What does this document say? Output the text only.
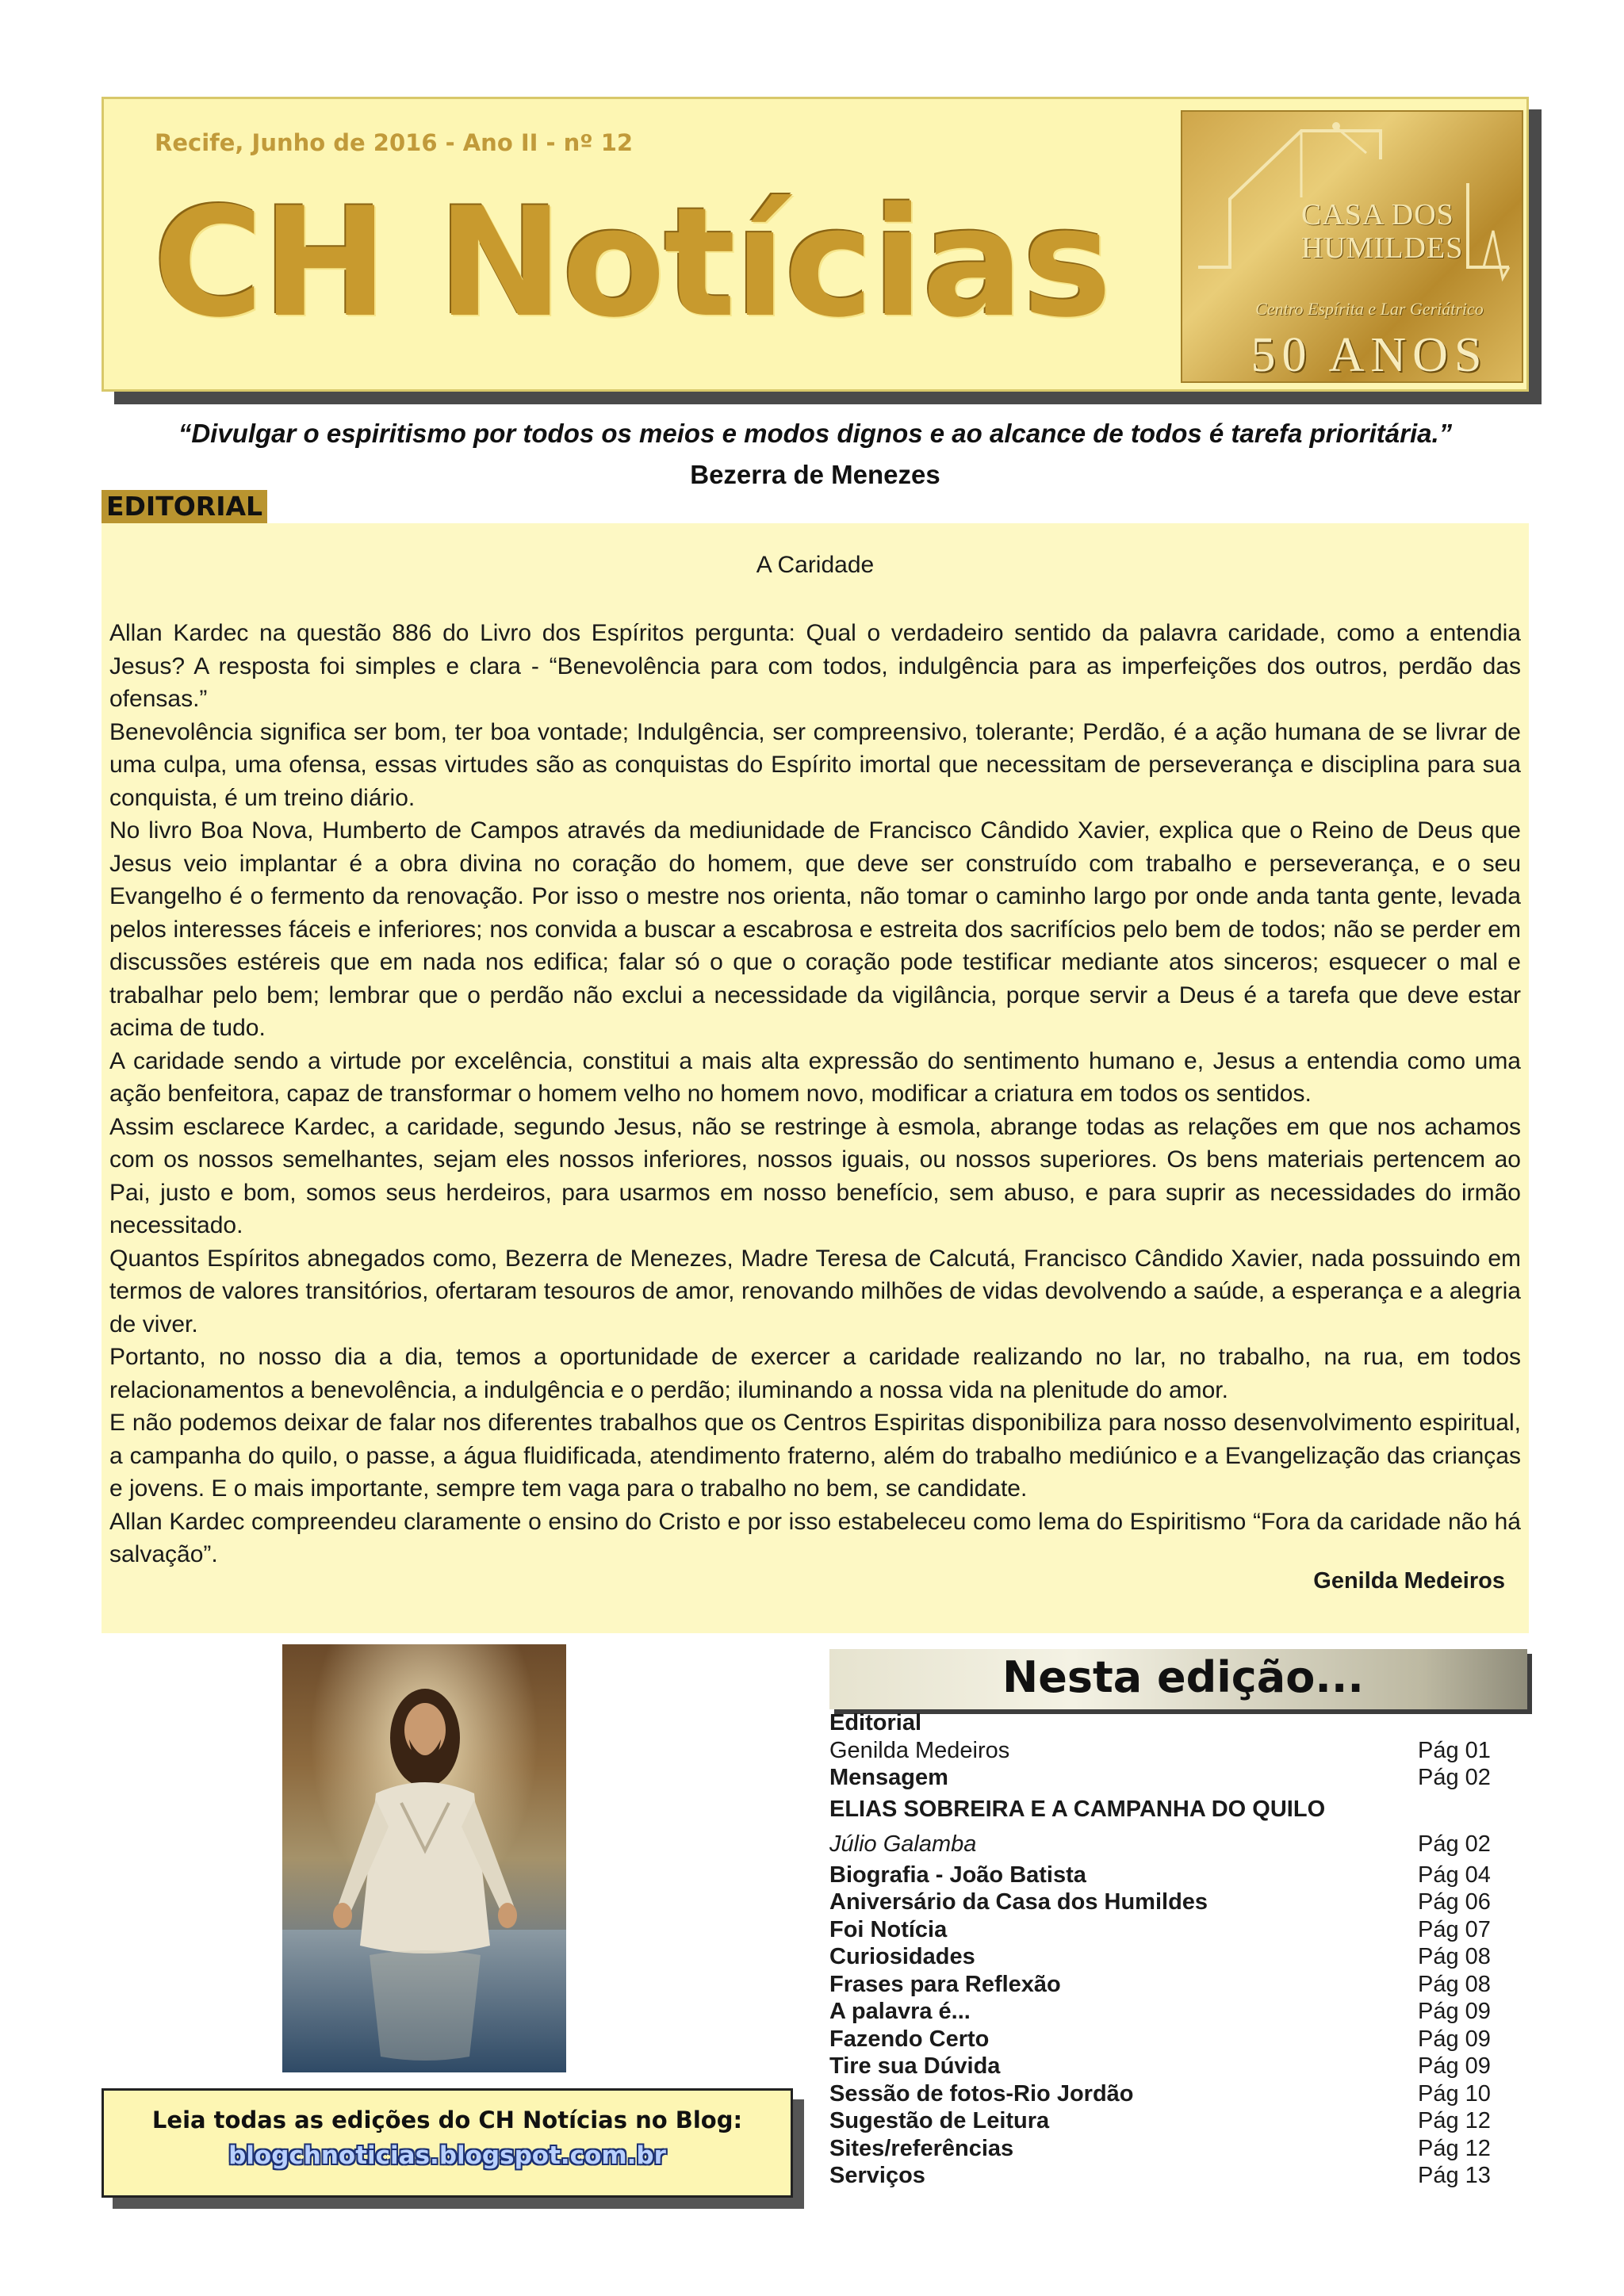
Recife, Junho de 2016 - Ano II - nº 12
CH Notícias	CASA DOS
HUMILDES
Centro Espírita e Lar Geriátrico
50 ANOS
“Divulgar o espiritismo por todos os meios e modos dignos e ao alcance de todos é tarefa prioritária.”
Bezerra de Menezes
EDITORIAL
A Caridade

Allan Kardec na questão 886 do Livro dos Espíritos pergunta: Qual o verdadeiro sentido da palavra caridade, como a entendia Jesus? A resposta foi simples e clara - “Benevolência para com todos, indulgência para as imperfeições dos outros, perdão das ofensas.”

Benevolência significa ser bom, ter boa vontade; Indulgência, ser compreensivo, tolerante; Perdão, é a ação humana de se livrar de uma culpa, uma ofensa, essas virtudes são as conquistas do Espírito imortal que necessitam de perseverança e disciplina para sua conquista, é um treino diário.

No livro Boa Nova, Humberto de Campos através da mediunidade de Francisco Cândido Xavier, explica que o Reino de Deus que Jesus veio implantar é a obra divina no coração do homem, que deve ser construído com trabalho e perseverança, e o seu Evangelho é o fermento da renovação. Por isso o mestre nos orienta, não tomar o caminho largo por onde anda tanta gente, levada pelos interesses fáceis e inferiores; nos convida a buscar a escabrosa e estreita dos sacrifícios pelo bem de todos; não se perder em discussões estéreis que em nada nos edifica; falar só o que o coração pode testificar mediante atos sinceros; esquecer o mal e trabalhar pelo bem; lembrar que o perdão não exclui a necessidade da vigilância, porque servir a Deus é a tarefa que deve estar acima de tudo.

A caridade sendo a virtude por excelência, constitui a mais alta expressão do sentimento humano e, Jesus a entendia como uma ação benfeitora, capaz de transformar o homem velho no homem novo, modificar a criatura em todos os sentidos.

Assim esclarece Kardec, a caridade, segundo Jesus, não se restringe à esmola, abrange todas as relações em que nos achamos com os nossos semelhantes, sejam eles nossos inferiores, nossos iguais, ou nossos superiores. Os bens materiais pertencem ao Pai, justo e bom, somos seus herdeiros, para usarmos em nosso benefício, sem abuso, e para suprir as necessidades do irmão necessitado.

Quantos Espíritos abnegados como, Bezerra de Menezes, Madre Teresa de Calcutá, Francisco Cândido Xavier, nada possuindo em termos de valores transitórios, ofertaram tesouros de amor, renovando milhões de vidas devolvendo a saúde, a esperança e a alegria de viver.

Portanto, no nosso dia a dia, temos a oportunidade de exercer a caridade realizando no lar, no trabalho, na rua, em todos relacionamentos a benevolência, a indulgência e o perdão; iluminando a nossa vida na plenitude do amor.

E não podemos deixar de falar nos diferentes trabalhos que os Centros Espiritas disponibiliza para nosso desenvolvimento espiritual, a campanha do quilo, o passe, a água fluidificada, atendimento fraterno, além do trabalho mediúnico e a Evangelização das crianças e jovens. E o mais importante, sempre tem vaga para o trabalho no bem, se candidate.

Allan Kardec compreendeu claramente o ensino do Cristo e por isso estabeleceu como lema do Espiritismo “Fora da caridade não há salvação”.

Genilda Medeiros
Leia todas as edições do CH Notícias no Blog:
blogchnoticias.blogspot.com.br
Nesta edição...
Editorial
Genilda Medeiros	Pág 01
Mensagem	Pág 02
ELIAS SOBREIRA E A CAMPANHA DO QUILO
Júlio Galamba	Pág 02
Biografia - João Batista	Pág 04
Aniversário da Casa dos Humildes	Pág 06
Foi Notícia	Pág 07
Curiosidades	Pág 08
Frases para Reflexão	Pág 08
A palavra é...	Pág 09
Fazendo Certo	Pág 09
Tire sua Dúvida	Pág 09
Sessão de fotos-Rio Jordão	Pág 10
Sugestão de Leitura	Pág 12
Sites/referências	Pág 12
Serviços	Pág 13
